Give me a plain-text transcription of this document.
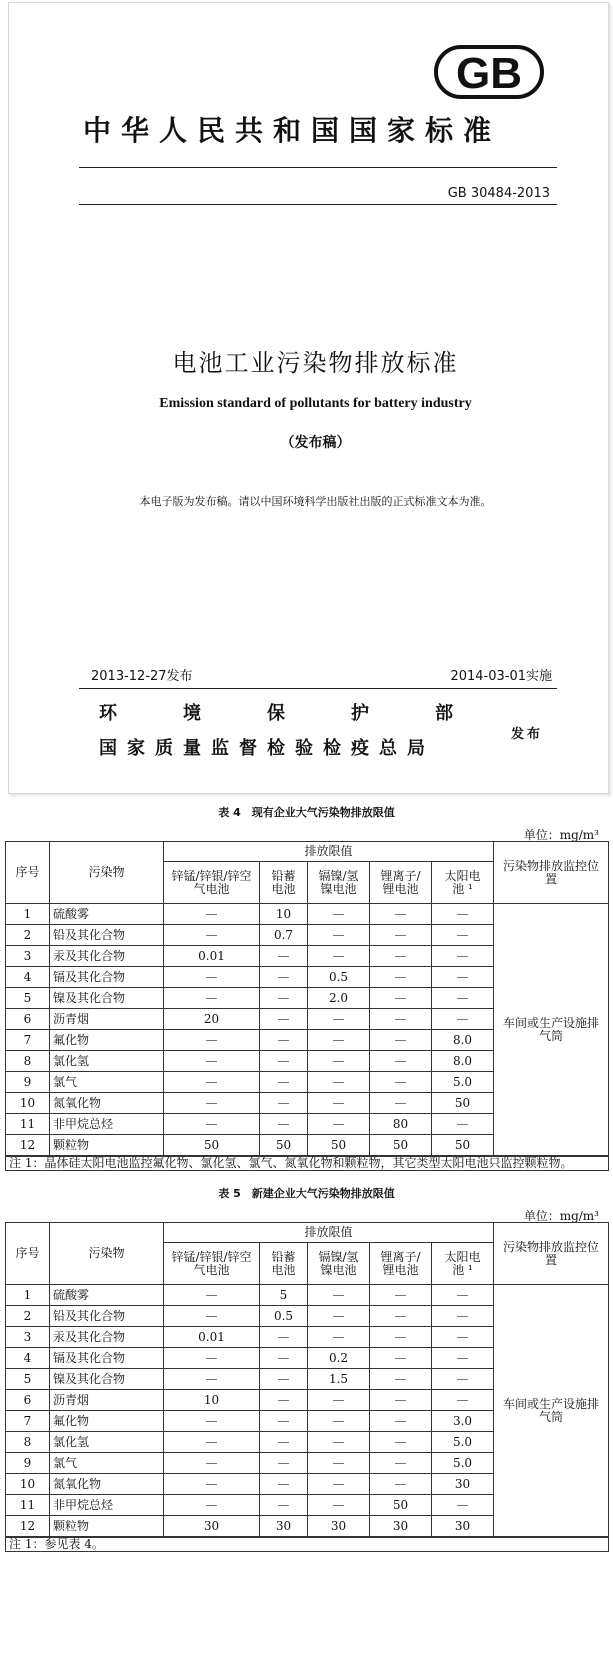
GB
中华人民共和国国家标准
GB 30484-2013
电池工业污染物排放标准
Emission standard of pollutants for battery industry
（发布稿）
本电子版为发布稿。请以中国环境科学出版社出版的正式标准文本为准。
2013-12-27发布	2014-03-01实施
环	境	保	护	部
国家质量监督检验检疫总局
发布
表 4　现有企业大气污染物排放限值
单位：mg/m³
序号	污染物	排放限值					污染物排放监控位置
		锌锰/锌银/锌空气电池	铅蓄电池	镉镍/氢镍电池	锂离子/锂电池	太阳电池 ¹	
1	硫酸雾	—	10	—	—	—	车间或生产设施排气筒
2	铅及其化合物	—	0.7	—	—	—	
3	汞及其化合物	0.01	—	—	—	—	
4	镉及其化合物	—	—	0.5	—	—	
5	镍及其化合物	—	—	2.0	—	—	
6	沥青烟	20	—	—	—	—	
7	氟化物	—	—	—	—	8.0	
8	氯化氢	—	—	—	—	8.0	
9	氯气	—	—	—	—	5.0	
10	氮氧化物	—	—	—	—	50	
11	非甲烷总烃	—	—	—	80	—	
12	颗粒物	50	50	50	50	50	
注 1：晶体硅太阳电池监控氟化物、氯化氢、氯气、氮氧化物和颗粒物，其它类型太阳电池只监控颗粒物。							
表 5　新建企业大气污染物排放限值
单位：mg/m³
序号	污染物	排放限值					污染物排放监控位置
		锌锰/锌银/锌空气电池	铅蓄电池	镉镍/氢镍电池	锂离子/锂电池	太阳电池 ¹	
1	硫酸雾	—	5	—	—	—	车间或生产设施排气筒
2	铅及其化合物	—	0.5	—	—	—	
3	汞及其化合物	0.01	—	—	—	—	
4	镉及其化合物	—	—	0.2	—	—	
5	镍及其化合物	—	—	1.5	—	—	
6	沥青烟	10	—	—	—	—	
7	氟化物	—	—	—	—	3.0	
8	氯化氢	—	—	—	—	5.0	
9	氯气	—	—	—	—	5.0	
10	氮氧化物	—	—	—	—	30	
11	非甲烷总烃	—	—	—	50	—	
12	颗粒物	30	30	30	30	30	
注 1：参见表 4。							
